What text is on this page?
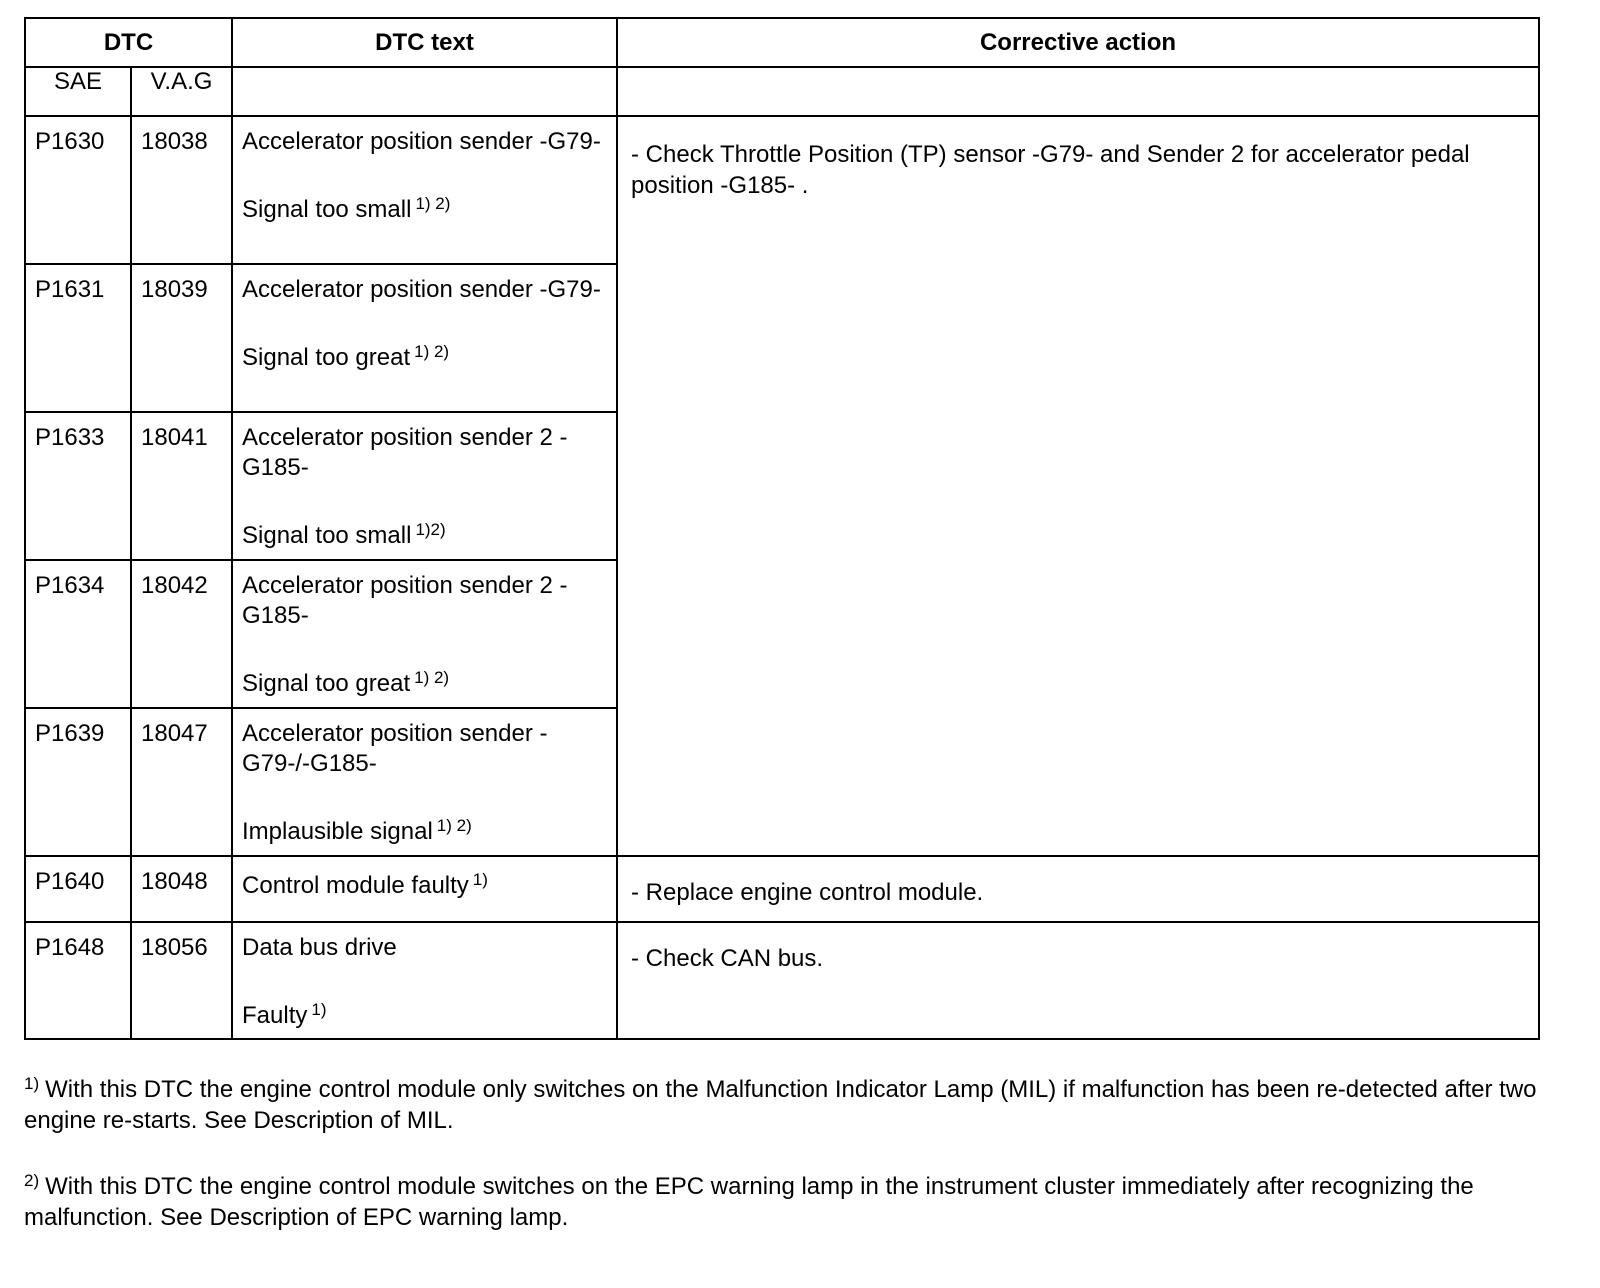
DTC		DTC text	Corrective action
SAE	V.A.G		

P1630	18038	Accelerator position sender -G79-
Signal too small $^{1) 2)}$	- Check Throttle Position (TP) sensor -G79- and Sender 2 for accelerator pedal position -G185- .

P1631	18039	Accelerator position sender -G79-
Signal too great $^{1) 2)}$

P1633	18041	Accelerator position sender 2 -G185-
Signal too small $^{1)2)}$

P1634	18042	Accelerator position sender 2 -G185-
Signal too great $^{1) 2)}$

P1639	18047	Accelerator position sender -G79-/-G185-
Implausible signal $^{1) 2)}$

P1640	18048	Control module faulty $^{1)}$	- Replace engine control module.

P1648	18056	Data bus drive
Faulty $^{1)}$	- Check CAN bus.

$^{1)}$ With this DTC the engine control module only switches on the Malfunction Indicator Lamp (MIL) if malfunction has been re-detected after two engine re-starts. See Description of MIL.

$^{2)}$ With this DTC the engine control module switches on the EPC warning lamp in the instrument cluster immediately after recognizing the malfunction. See Description of EPC warning lamp.
